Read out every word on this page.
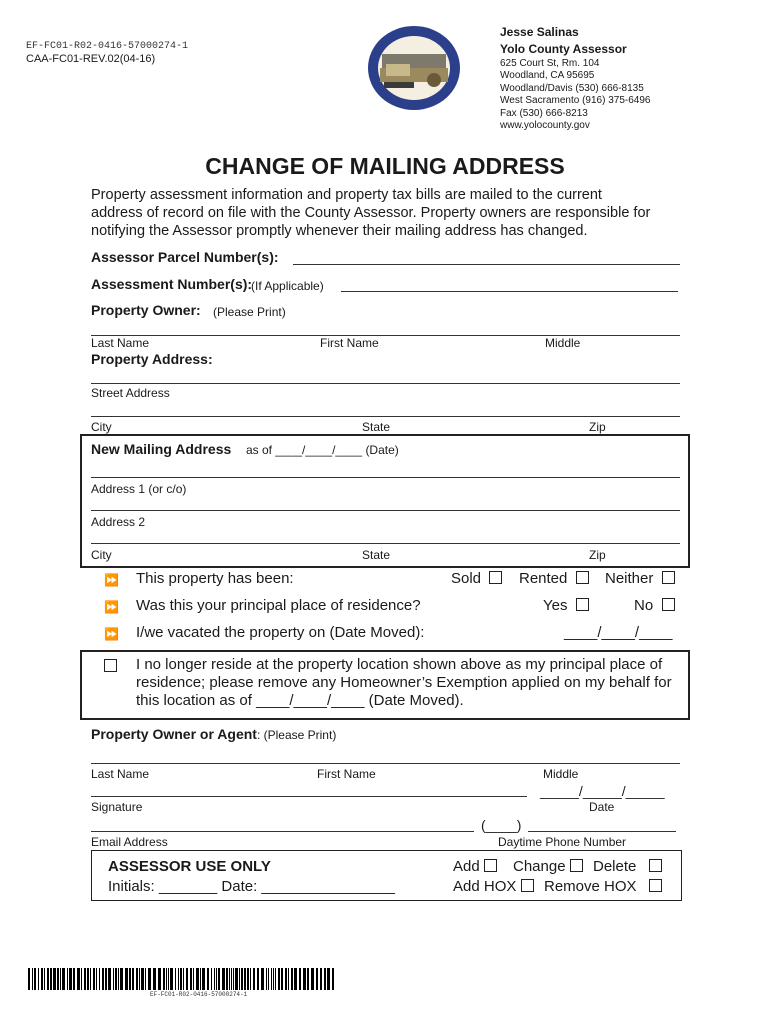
EF-FC01-R02-0416-57000274-1
CAA-FC01-REV.02(04-16)
Jesse Salinas
Yolo County Assessor
625 Court St, Rm. 104
Woodland, CA 95695
Woodland/Davis (530) 666-8135
West Sacramento (916) 375-6496
Fax (530) 666-8213
www.yolocounty.gov
CHANGE OF MAILING ADDRESS
Property assessment information and property tax bills are mailed to the current
address of record on file with the County Assessor. Property owners are responsible for
notifying the Assessor promptly whenever their mailing address has changed.
Assessor Parcel Number(s):
Assessment Number(s):
(If Applicable)
Property Owner: (Please Print)
Last Name	First Name	Middle
Property Address:
Street Address
City	State	Zip
New Mailing Address as of ____/____/____ (Date)
Address 1 (or c/o)
Address 2
City	State	Zip
⏩ This property has been:	Sold	Rented	Neither
⏩ Was this your principal place of residence?	Yes	No
⏩ I/we vacated the property on (Date Moved):	____/____/____
I no longer reside at the property location shown above as my principal place of
residence; please remove any Homeowner’s Exemption applied on my behalf for
this location as of ____/____/____ (Date Moved).
Property Owner or Agent: (Please Print)
Last Name	First Name	Middle
_____/_____/_____
Signature	Date
(____)
Email Address	Daytime Phone Number
ASSESSOR USE ONLY
Initials: _______ Date: ________________
Add	Change	Delete
Add HOX	Remove HOX
EF-FC01-R02-0416-57000274-1
